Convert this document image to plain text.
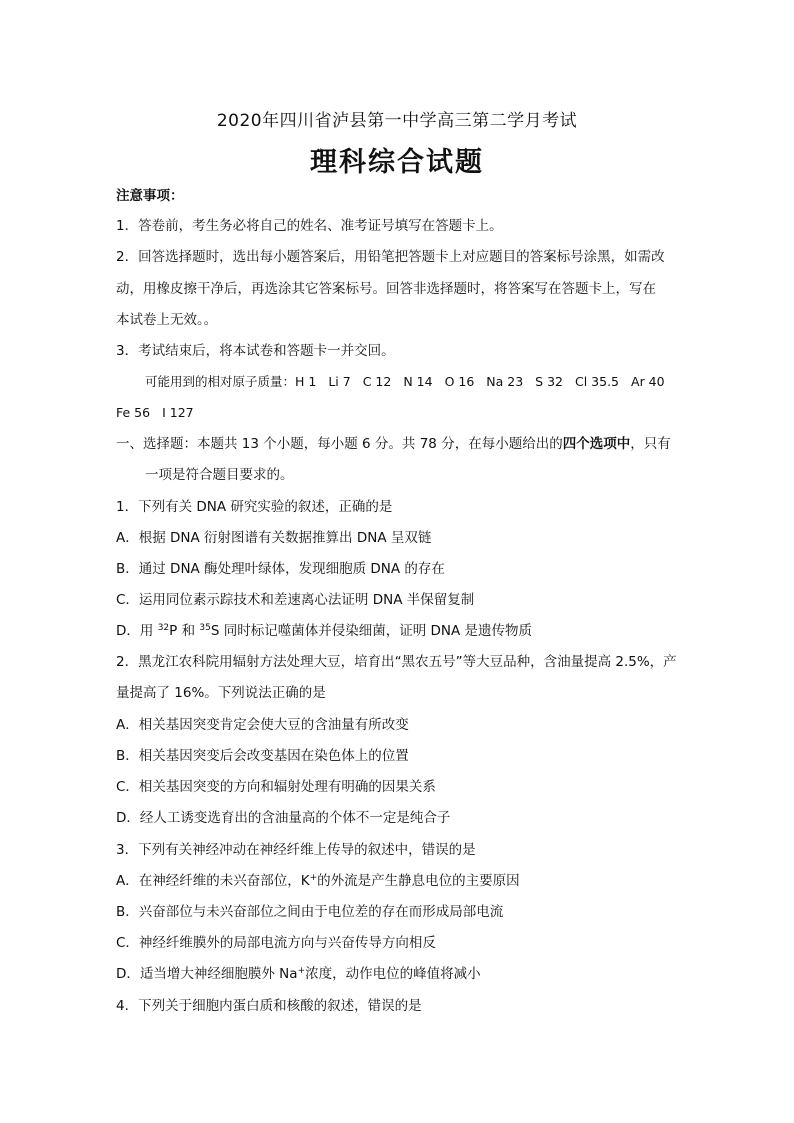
2020年四川省泸县第一中学高三第二学月考试
理科综合试题
注意事项：
1．答卷前，考生务必将自己的姓名、准考证号填写在答题卡上。
2．回答选择题时，选出每小题答案后，用铅笔把答题卡上对应题目的答案标号涂黑，如需改
动，用橡皮擦干净后，再选涂其它答案标号。回答非选择题时，将答案写在答题卡上，写在
本试卷上无效。。
3．考试结束后，将本试卷和答题卡一并交回。
可能用到的相对原子质量：H 1 Li 7 C 12 N 14 O 16 Na 23 S 32 Cl 35.5 Ar 40
Fe 56 I 127
一、选择题：本题共 13 个小题，每小题 6 分。共 78 分，在每小题给出的四个选项中，只有
一项是符合题目要求的。
1．下列有关 DNA 研究实验的叙述，正确的是
A．根据 DNA 衍射图谱有关数据推算出 DNA 呈双链
B．通过 DNA 酶处理叶绿体，发现细胞质 DNA 的存在
C．运用同位素示踪技术和差速离心法证明 DNA 半保留复制
D．用 $^{32}$P 和 $^{35}$S 同时标记噬菌体并侵染细菌，证明 DNA 是遗传物质
2．黑龙江农科院用辐射方法处理大豆，培育出“黑农五号”等大豆品种，含油量提高 2.5%，产
量提高了 16%。下列说法正确的是
A．相关基因突变肯定会使大豆的含油量有所改变
B．相关基因突变后会改变基因在染色体上的位置
C．相关基因突变的方向和辐射处理有明确的因果关系
D．经人工诱变选育出的含油量高的个体不一定是纯合子
3．下列有关神经冲动在神经纤维上传导的叙述中，错误的是
A．在神经纤维的未兴奋部位，K+的外流是产生静息电位的主要原因
B．兴奋部位与未兴奋部位之间由于电位差的存在而形成局部电流
C．神经纤维膜外的局部电流方向与兴奋传导方向相反
D．适当增大神经细胞膜外 Na+浓度，动作电位的峰值将减小
4．下列关于细胞内蛋白质和核酸的叙述，错误的是
